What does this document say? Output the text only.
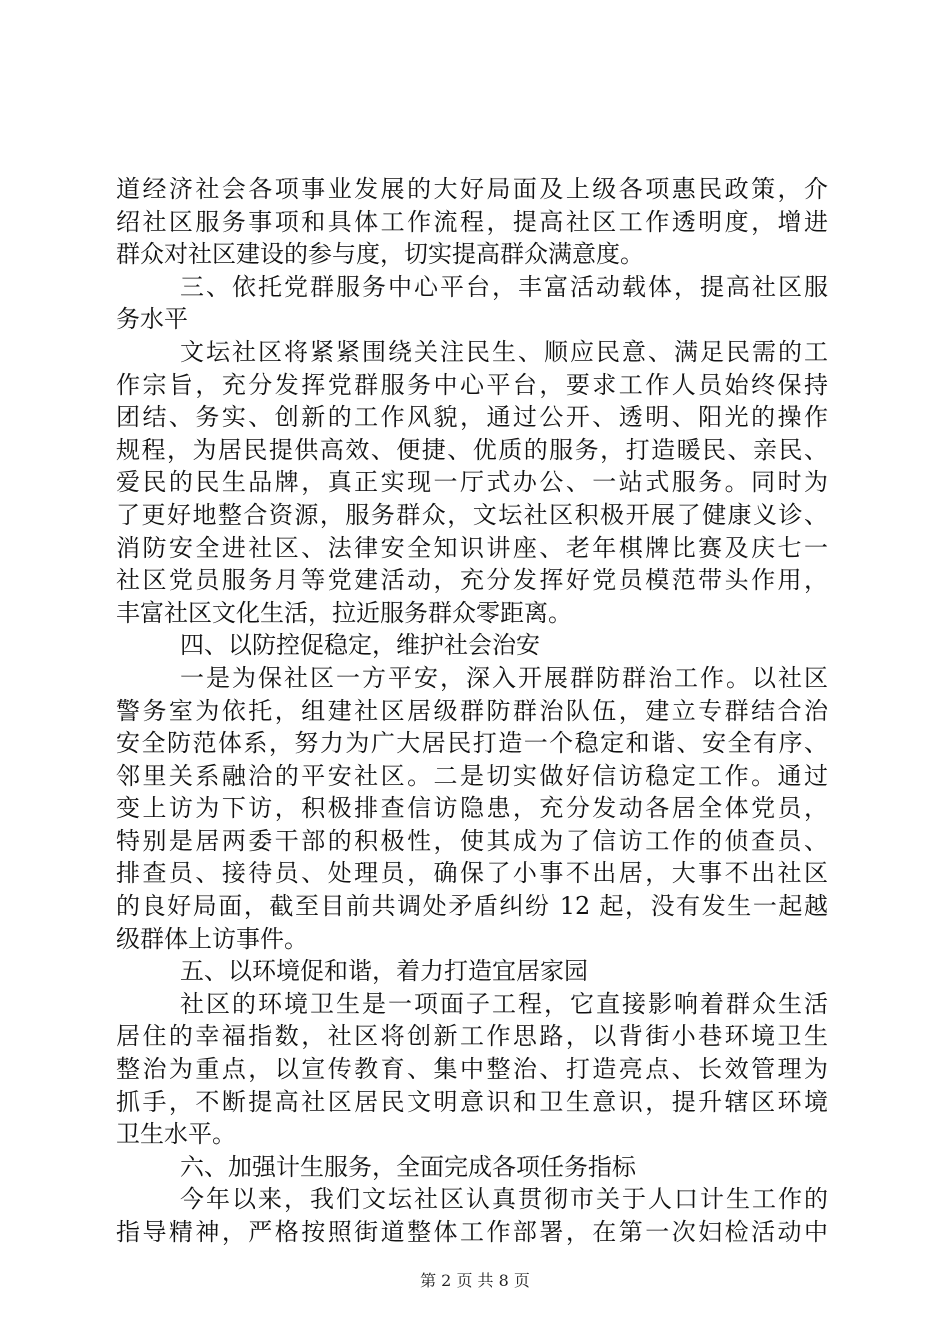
道经济社会各项事业发展的大好局面及上级各项惠民政策，介
绍社区服务事项和具体工作流程，提高社区工作透明度，增进
群众对社区建设的参与度，切实提高群众满意度。
三、依托党群服务中心平台，丰富活动载体，提高社区服
务水平
文坛社区将紧紧围绕关注民生、顺应民意、满足民需的工
作宗旨，充分发挥党群服务中心平台，要求工作人员始终保持
团结、务实、创新的工作风貌，通过公开、透明、阳光的操作
规程，为居民提供高效、便捷、优质的服务，打造暖民、亲民、
爱民的民生品牌，真正实现一厅式办公、一站式服务。同时为
了更好地整合资源，服务群众，文坛社区积极开展了健康义诊、
消防安全进社区、法律安全知识讲座、老年棋牌比赛及庆七一
社区党员服务月等党建活动，充分发挥好党员模范带头作用，
丰富社区文化生活，拉近服务群众零距离。
四、以防控促稳定，维护社会治安
一是为保社区一方平安，深入开展群防群治工作。以社区
警务室为依托，组建社区居级群防群治队伍，建立专群结合治
安全防范体系，努力为广大居民打造一个稳定和谐、安全有序、
邻里关系融洽的平安社区。二是切实做好信访稳定工作。通过
变上访为下访，积极排查信访隐患，充分发动各居全体党员，
特别是居两委干部的积极性，使其成为了信访工作的侦查员、
排查员、接待员、处理员，确保了小事不出居，大事不出社区
的良好局面，截至目前共调处矛盾纠纷 12 起，没有发生一起越
级群体上访事件。
五、以环境促和谐，着力打造宜居家园
社区的环境卫生是一项面子工程，它直接影响着群众生活
居住的幸福指数，社区将创新工作思路，以背街小巷环境卫生
整治为重点，以宣传教育、集中整治、打造亮点、长效管理为
抓手，不断提高社区居民文明意识和卫生意识，提升辖区环境
卫生水平。
六、加强计生服务，全面完成各项任务指标
今年以来，我们文坛社区认真贯彻市关于人口计生工作的
指导精神，严格按照街道整体工作部署，在第一次妇检活动中
第 2 页 共 8 页
